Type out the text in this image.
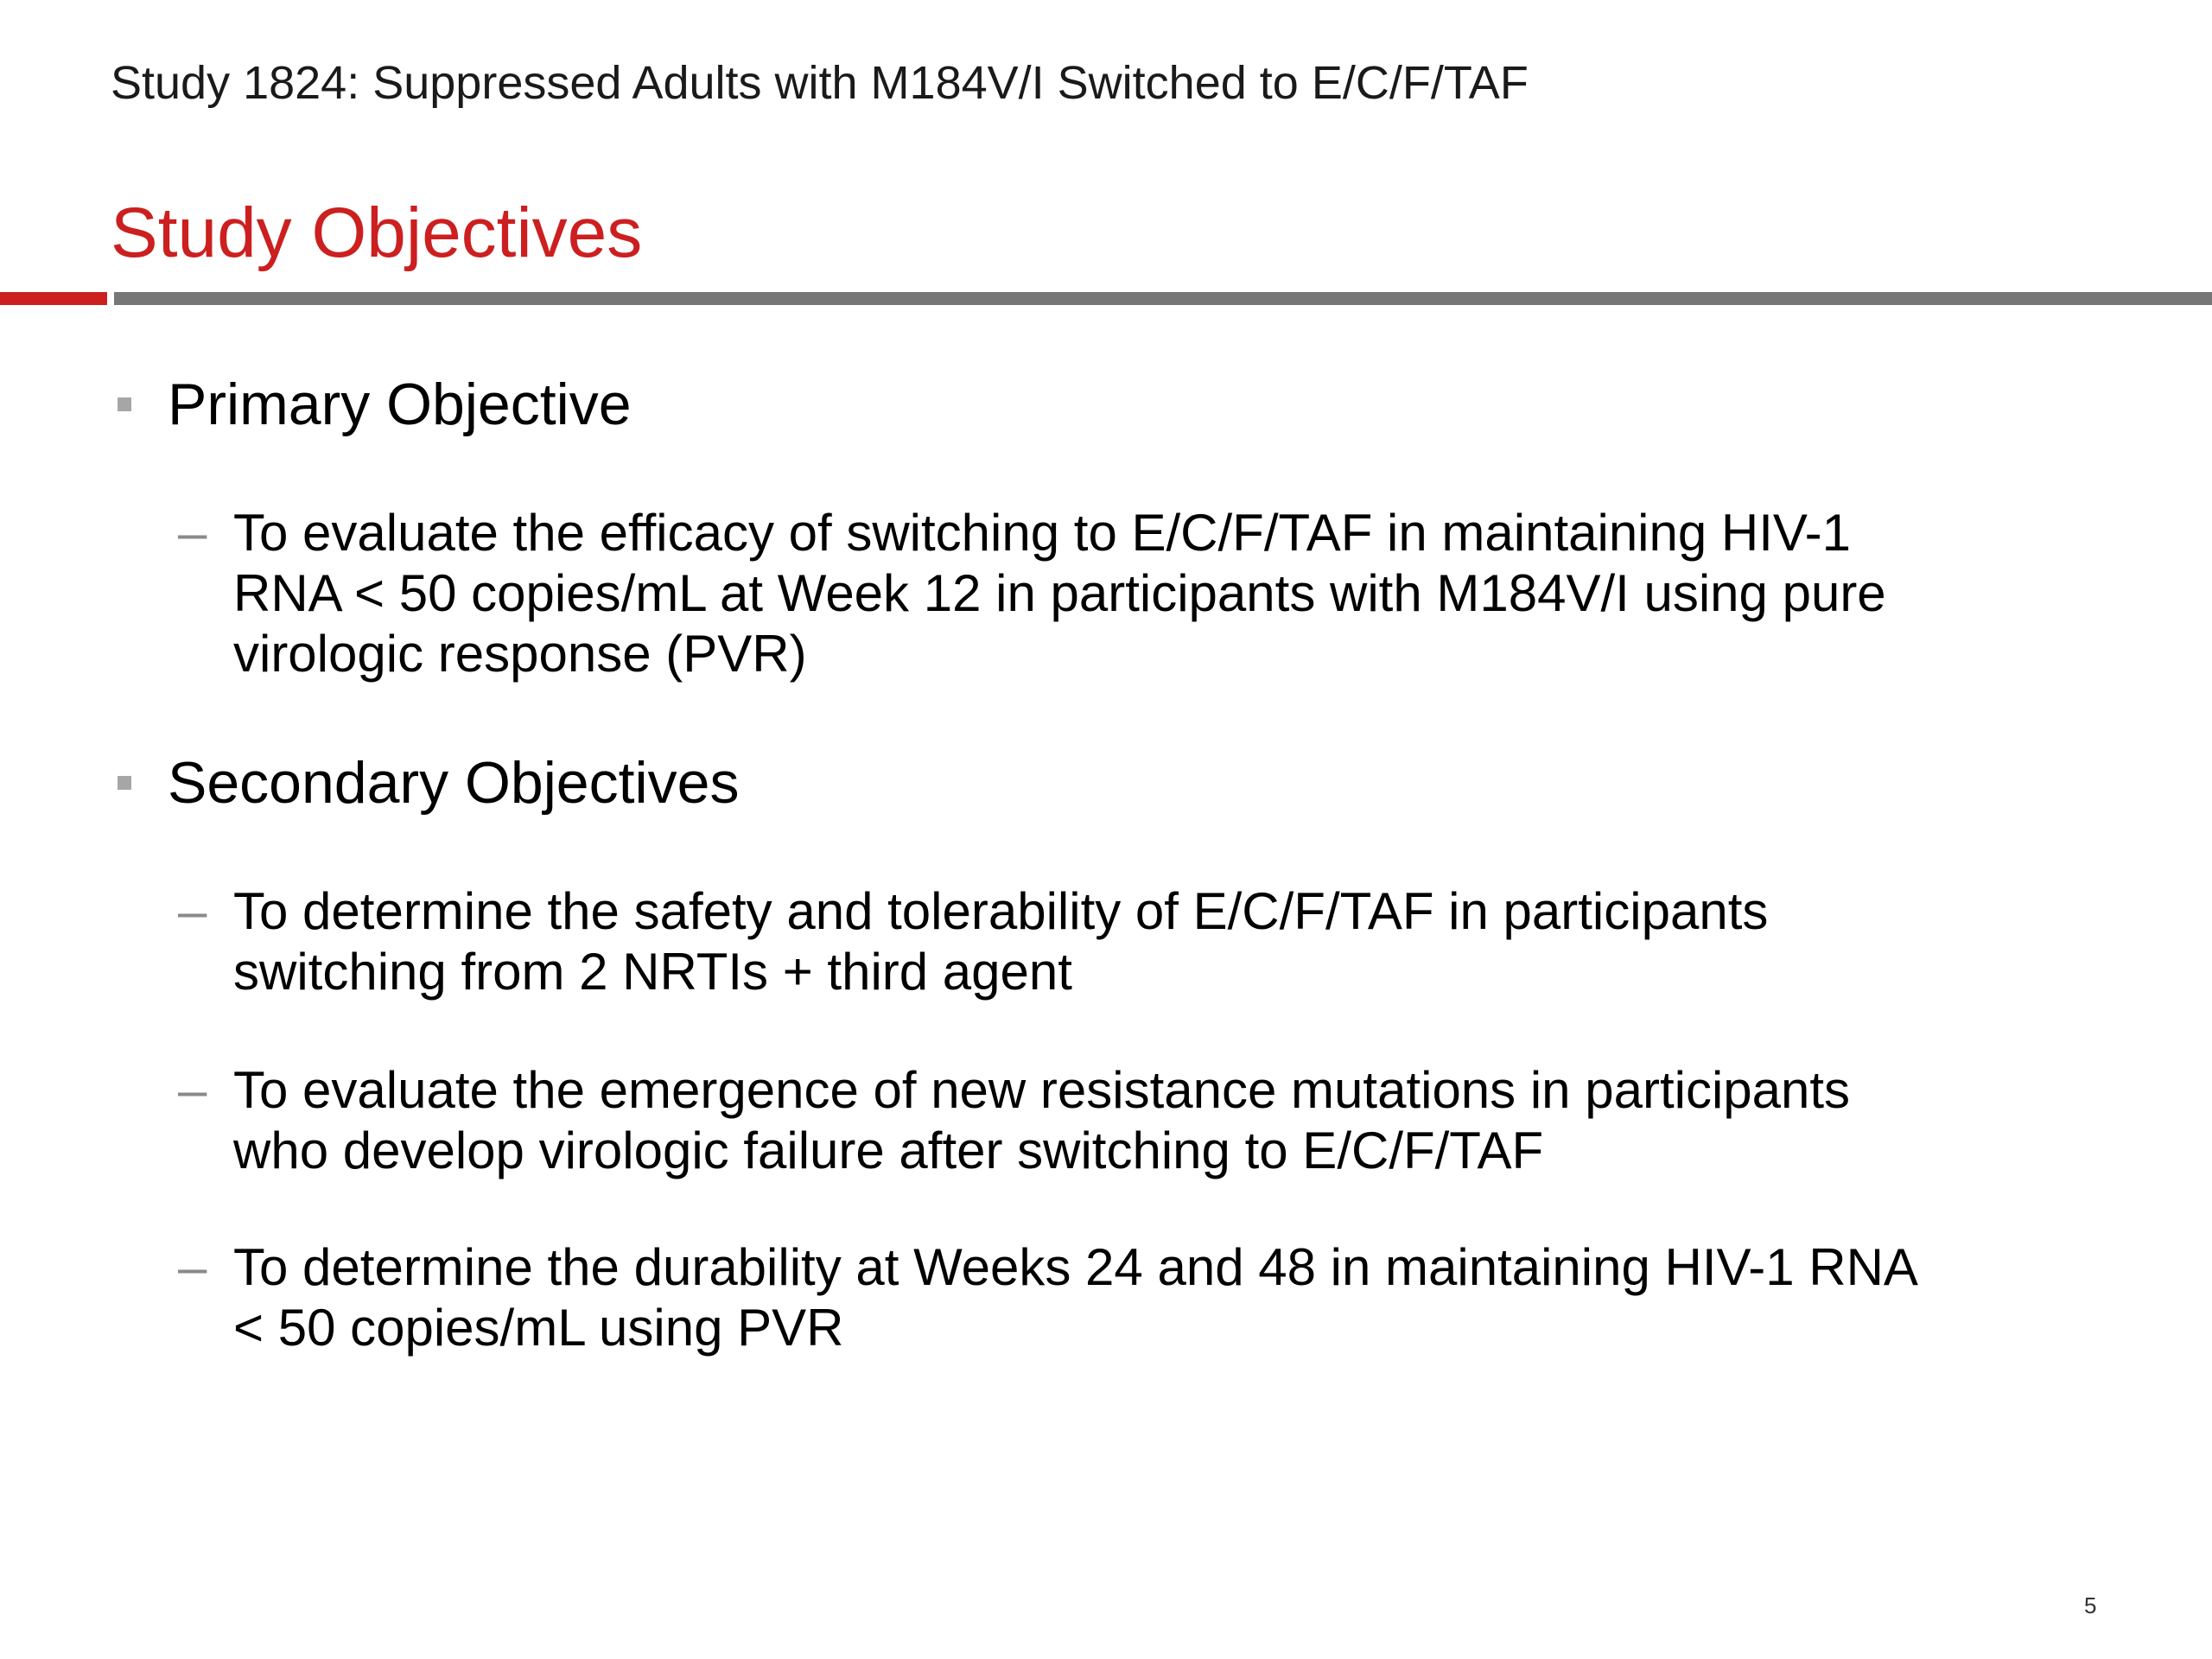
Study 1824: Suppressed Adults with M184V/I Switched to E/C/F/TAF
Study Objectives
Primary Objective
– To evaluate the efficacy of switching to E/C/F/TAF in maintaining HIV-1
RNA < 50 copies/mL at Week 12 in participants with M184V/I using pure
virologic response (PVR)
Secondary Objectives
– To determine the safety and tolerability of E/C/F/TAF in participants
switching from 2 NRTIs + third agent
– To evaluate the emergence of new resistance mutations in participants
who develop virologic failure after switching to E/C/F/TAF
– To determine the durability at Weeks 24 and 48 in maintaining HIV-1 RNA
< 50 copies/mL using PVR
5
